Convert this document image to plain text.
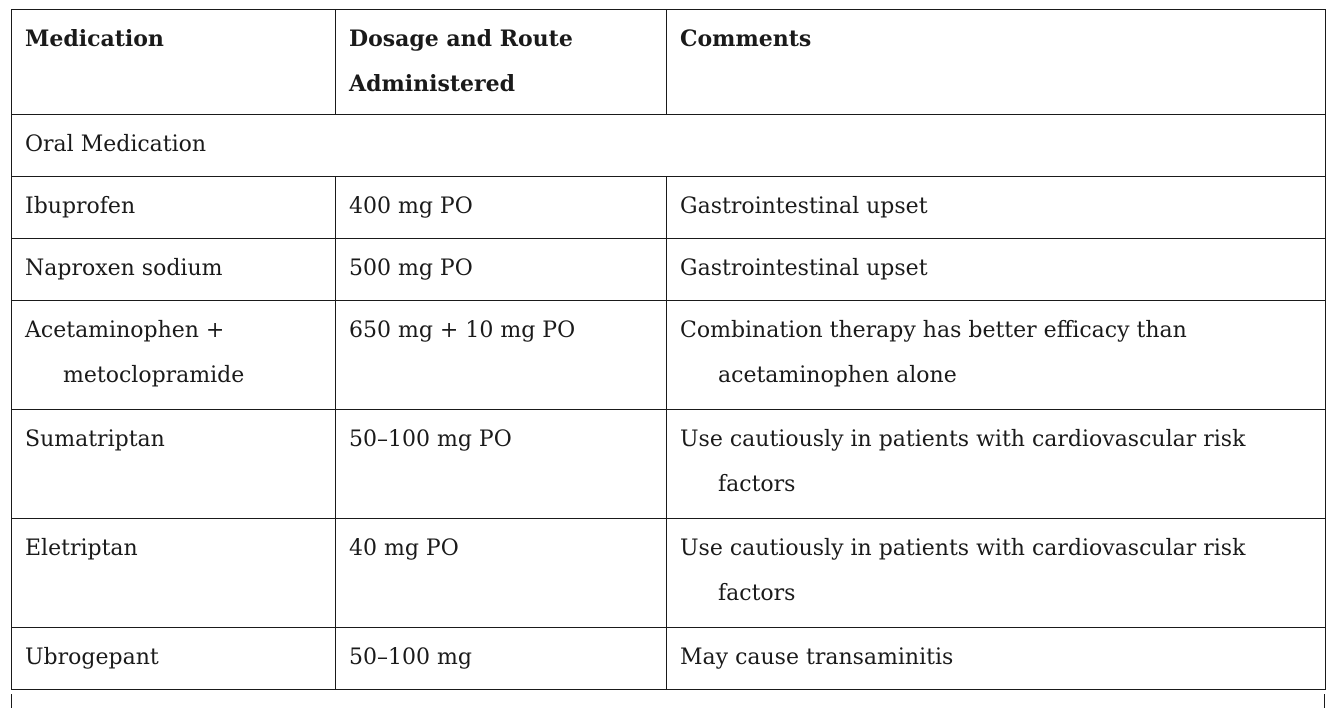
Medication	Dosage and Route Administered	Comments
Oral Medication		
Ibuprofen	400 mg PO	Gastrointestinal upset
Naproxen sodium	500 mg PO	Gastrointestinal upset

Acetaminophen + metoclopramide	650 mg + 10 mg PO	Combination therapy has better efficacy than acetaminophen alone

Sumatriptan	50–100 mg PO	Use cautiously in patients with cardiovascular risk factors

Eletriptan	40 mg PO	Use cautiously in patients with cardiovascular risk factors

Ubrogepant	50–100 mg	May cause transaminitis
